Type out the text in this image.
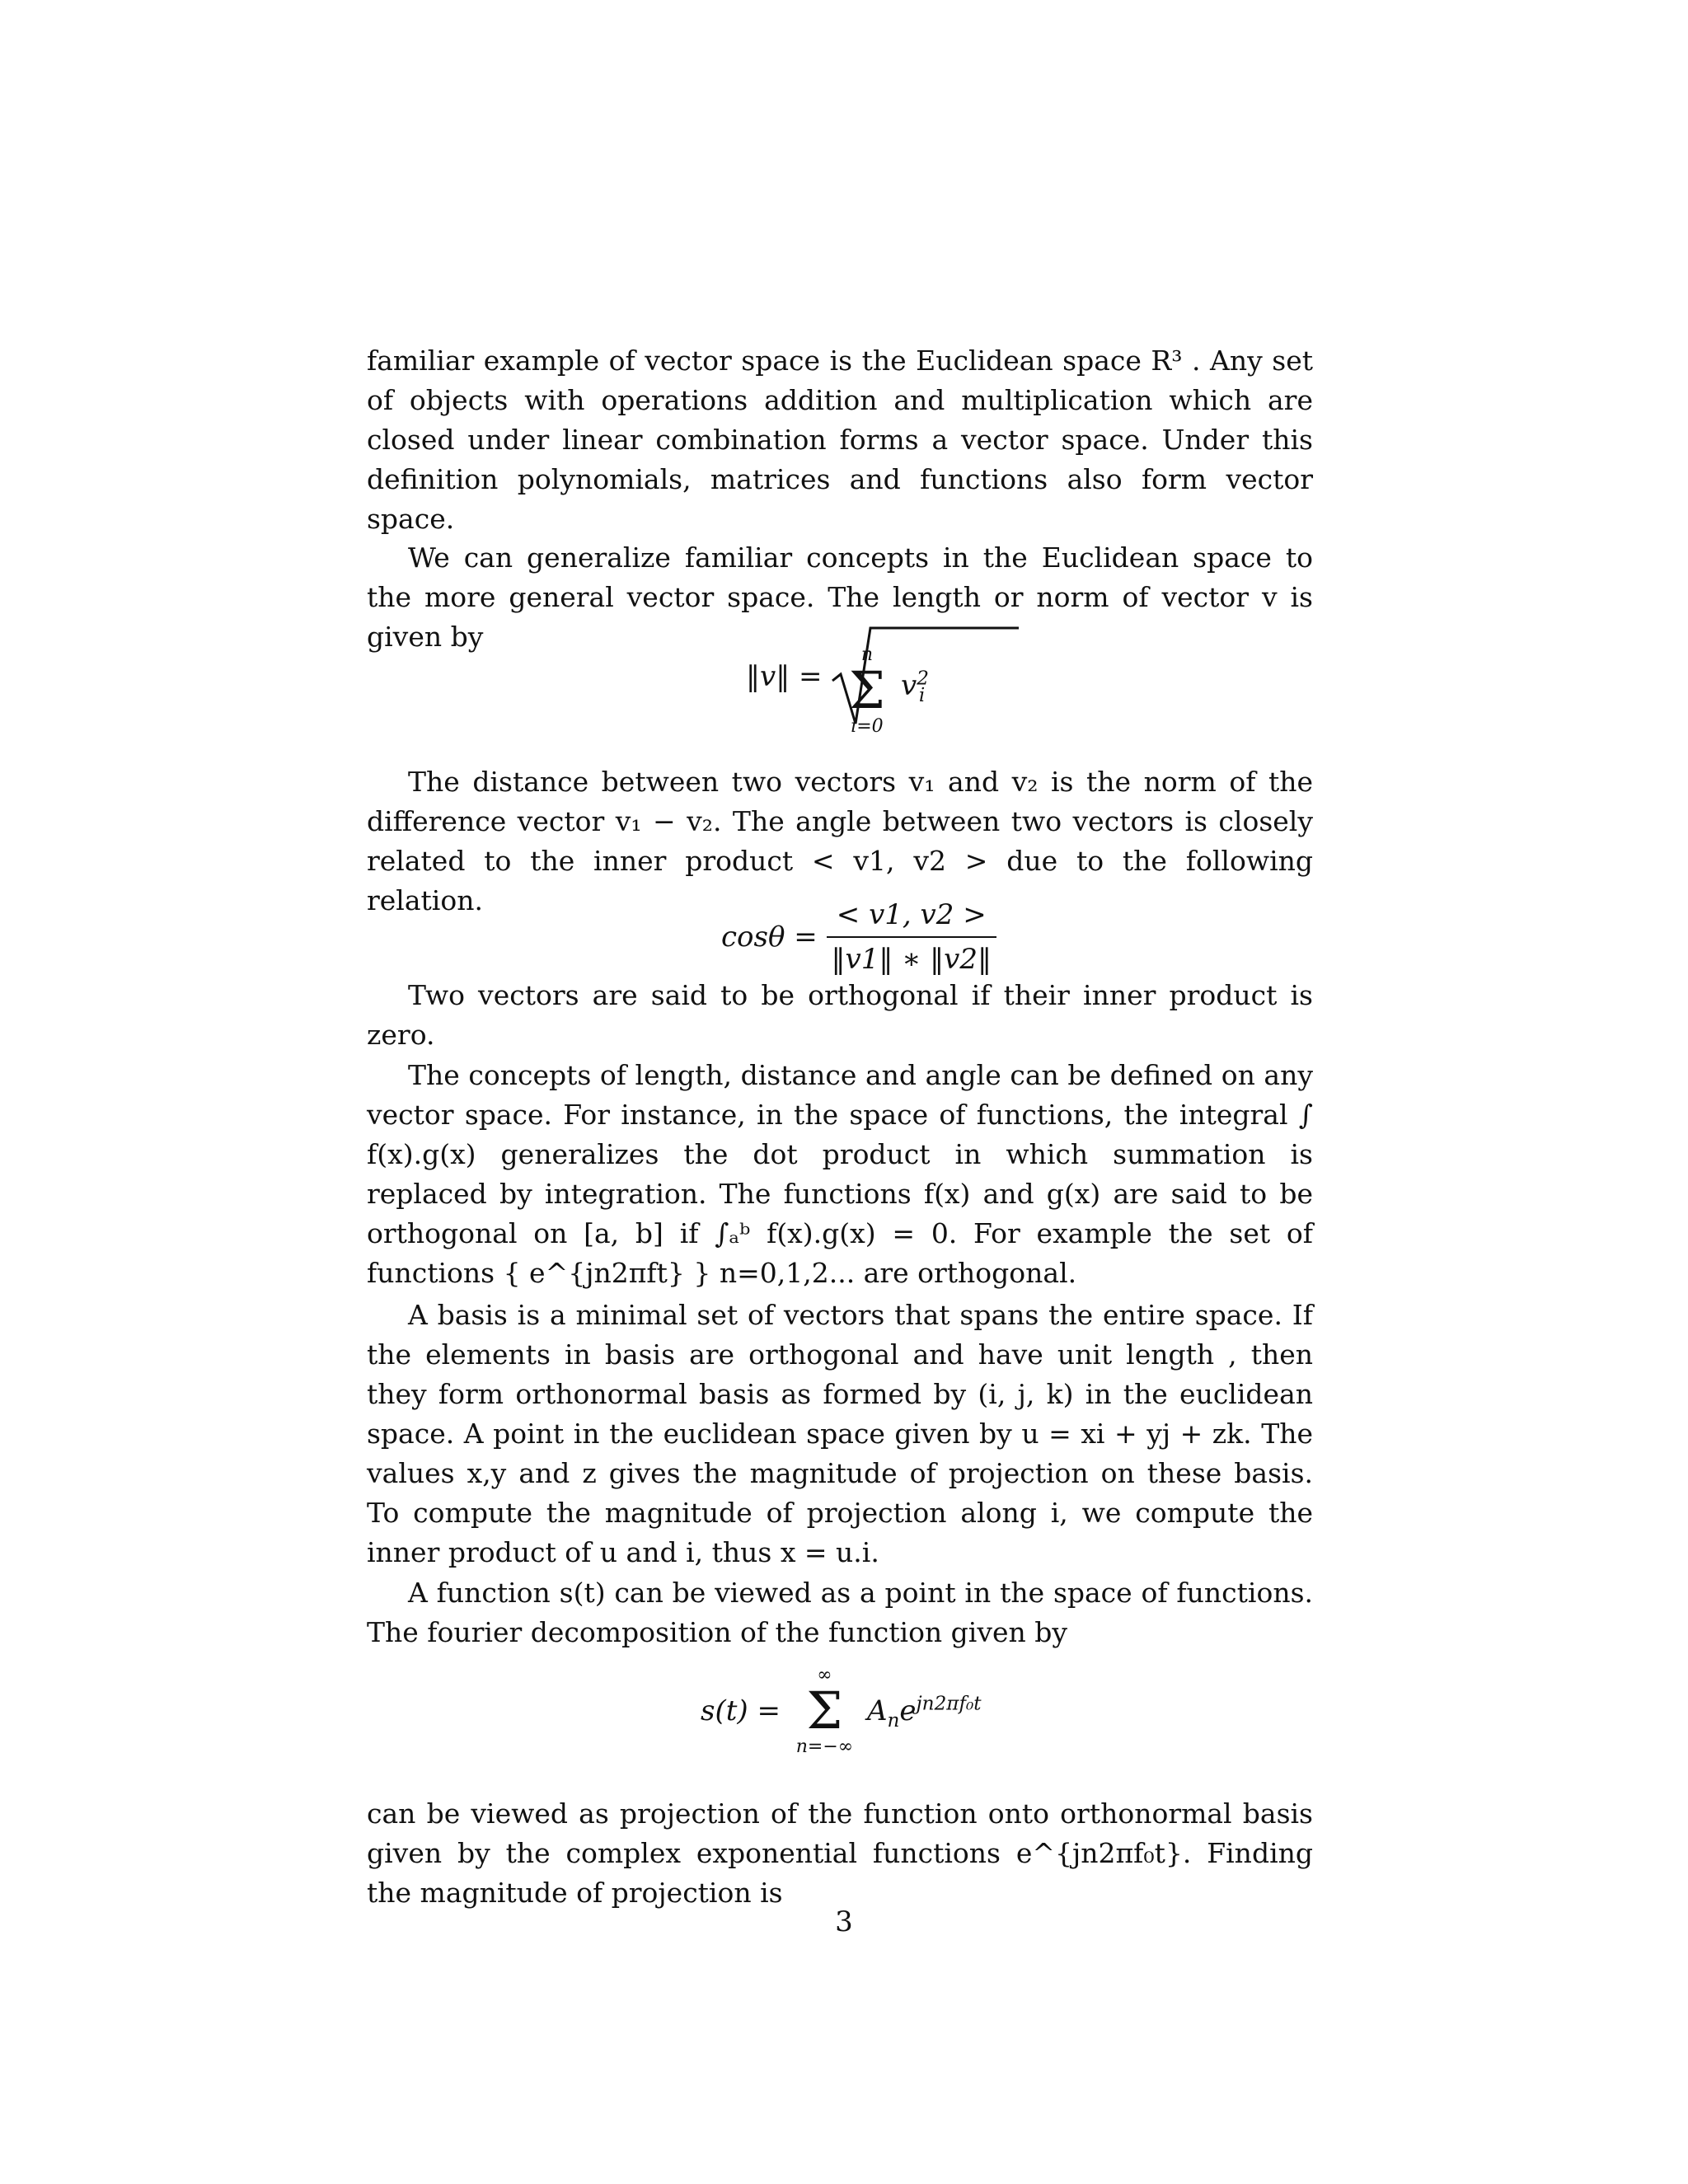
familiar example of vector space is the Euclidean space R³ . Any set of objects with operations addition and multiplication which are closed under linear combination forms a vector space. Under this definition polynomials, matrices and functions also form vector space.

We can generalize familiar concepts in the Euclidean space to the more general vector space. The length or norm of vector v is given by

‖v‖ =
n
Σ
i=0
$v^2_i$

The distance between two vectors v₁ and v₂ is the norm of the difference vector v₁ − v₂. The angle between two vectors is closely related to the inner product < v1, v2 > due to the following relation.

$\cos\theta = \frac{< v1, v2 >}{‖v1‖ ∗ ‖v2‖}$

Two vectors are said to be orthogonal if their inner product is zero.

The concepts of length, distance and angle can be defined on any vector space. For instance, in the space of functions, the integral ∫ f(x).g(x) generalizes the dot product in which summation is replaced by integration. The functions f(x) and g(x) are said to be orthogonal on [a, b] if ∫ₐᵇ f(x).g(x) = 0. For example the set of functions { e^{jn2πft} } n=0,1,2... are orthogonal.

A basis is a minimal set of vectors that spans the entire space. If the elements in basis are orthogonal and have unit length , then they form orthonormal basis as formed by (i, j, k) in the euclidean space. A point in the euclidean space given by u = xi + yj + zk. The values x,y and z gives the magnitude of projection on these basis. To compute the magnitude of projection along i, we compute the inner product of u and i, thus x = u.i.

A function s(t) can be viewed as a point in the space of functions. The fourier decomposition of the function given by

s(t) =
∞
Σ
n=−∞
$A_ne^{jn2\pi f_0t}$

can be viewed as projection of the function onto orthonormal basis given by the complex exponential functions e^{jn2πf₀t}. Finding the magnitude of projection is

3
